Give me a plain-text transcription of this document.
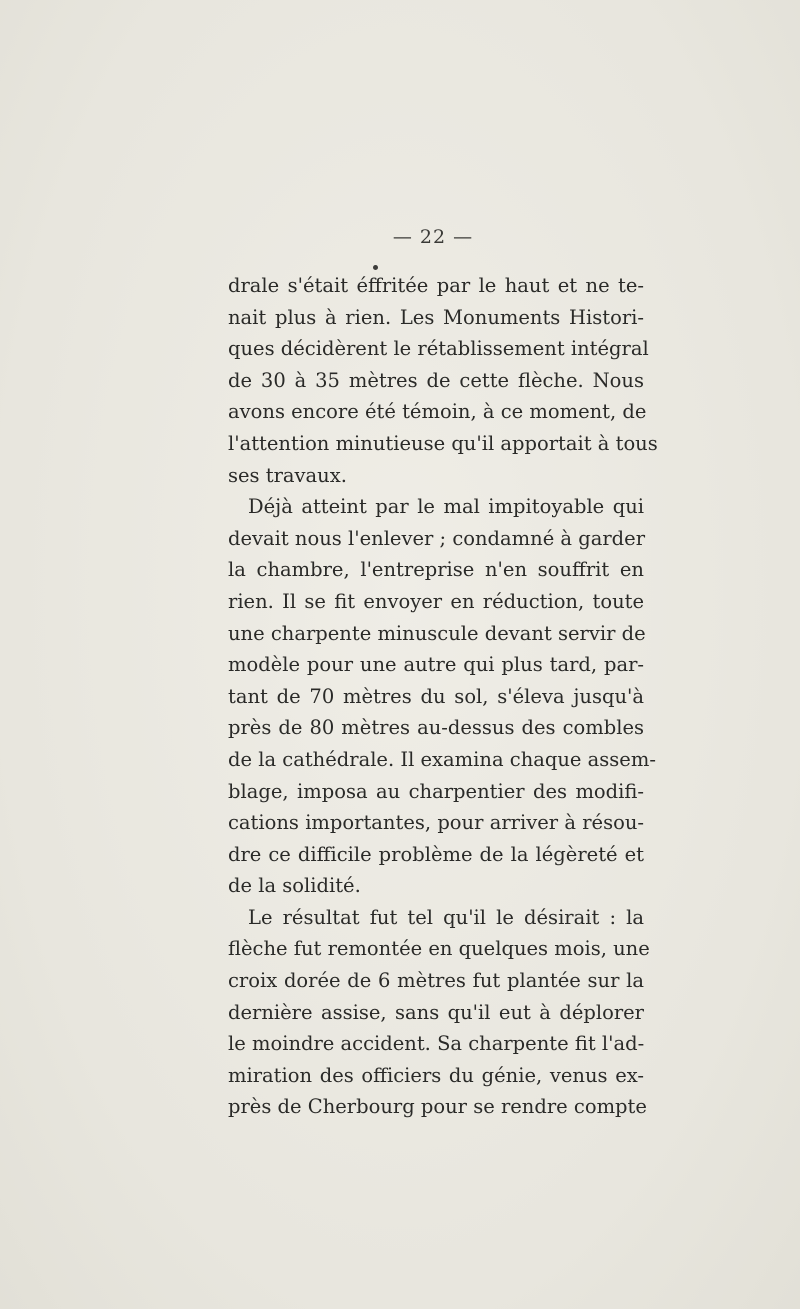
— 22 —
drale s'était éffritée par le haut et ne te-
nait plus à rien. Les Monuments Histori-
ques décidèrent le rétablissement intégral
de 30 à 35 mètres de cette flèche. Nous
avons encore été témoin, à ce moment, de
l'attention minutieuse qu'il apportait à tous
ses travaux.
Déjà atteint par le mal impitoyable qui
devait nous l'enlever ; condamné à garder
la chambre, l'entreprise n'en souffrit en
rien. Il se fit envoyer en réduction, toute
une charpente minuscule devant servir de
modèle pour une autre qui plus tard, par-
tant de 70 mètres du sol, s'éleva jusqu'à
près de 80 mètres au-dessus des combles
de la cathédrale. Il examina chaque assem-
blage, imposa au charpentier des modifi-
cations importantes, pour arriver à résou-
dre ce difficile problème de la légèreté et
de la solidité.
Le résultat fut tel qu'il le désirait : la
flèche fut remontée en quelques mois, une
croix dorée de 6 mètres fut plantée sur la
dernière assise, sans qu'il eut à déplorer
le moindre accident. Sa charpente fit l'ad-
miration des officiers du génie, venus ex-
près de Cherbourg pour se rendre compte
